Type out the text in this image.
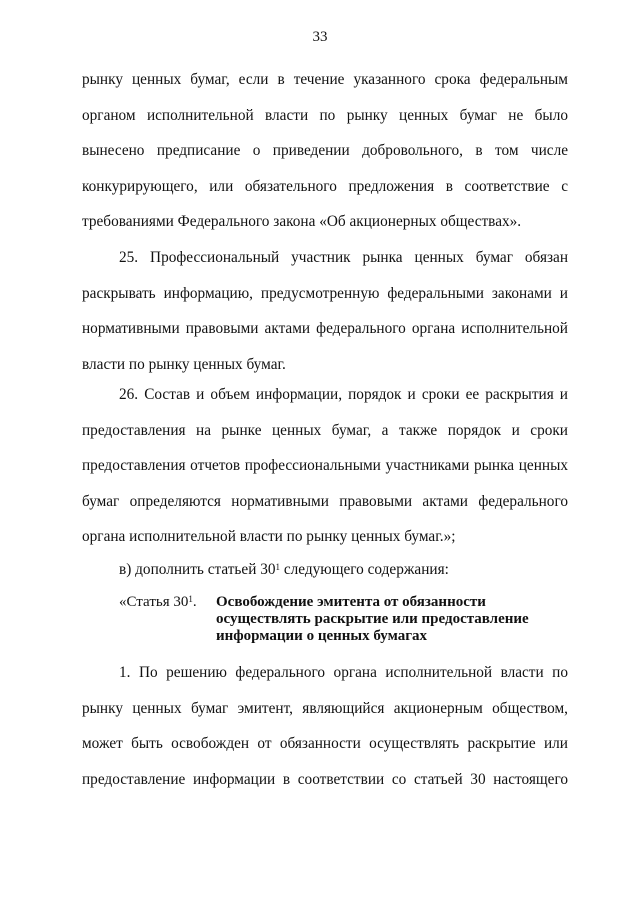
33

рынку ценных бумаг, если в течение указанного срока федеральным органом исполнительной власти по рынку ценных бумаг не было вынесено предписание о приведении добровольного, в том числе конкурирующего, или обязательного предложения в соответствие с требованиями Федерального закона «Об акционерных обществах».

25. Профессиональный участник рынка ценных бумаг обязан раскрывать информацию, предусмотренную федеральными законами и нормативными правовыми актами федерального органа исполнительной власти по рынку ценных бумаг.

26. Состав и объем информации, порядок и сроки ее раскрытия и предоставления на рынке ценных бумаг, а также порядок и сроки предоставления отчетов профессиональными участниками рынка ценных бумаг определяются нормативными правовыми актами федерального органа исполнительной власти по рынку ценных бумаг.»;

в) дополнить статьей $30^1$ следующего содержания:
«Статья $30^1$. Освобождение эмитента от обязанности осуществлять раскрытие или предоставление информации о ценных бумагах

1. По решению федерального органа исполнительной власти по рынку ценных бумаг эмитент, являющийся акционерным обществом, может быть освобожден от обязанности осуществлять раскрытие или предоставление информации в соответствии со статьей 30 настоящего
